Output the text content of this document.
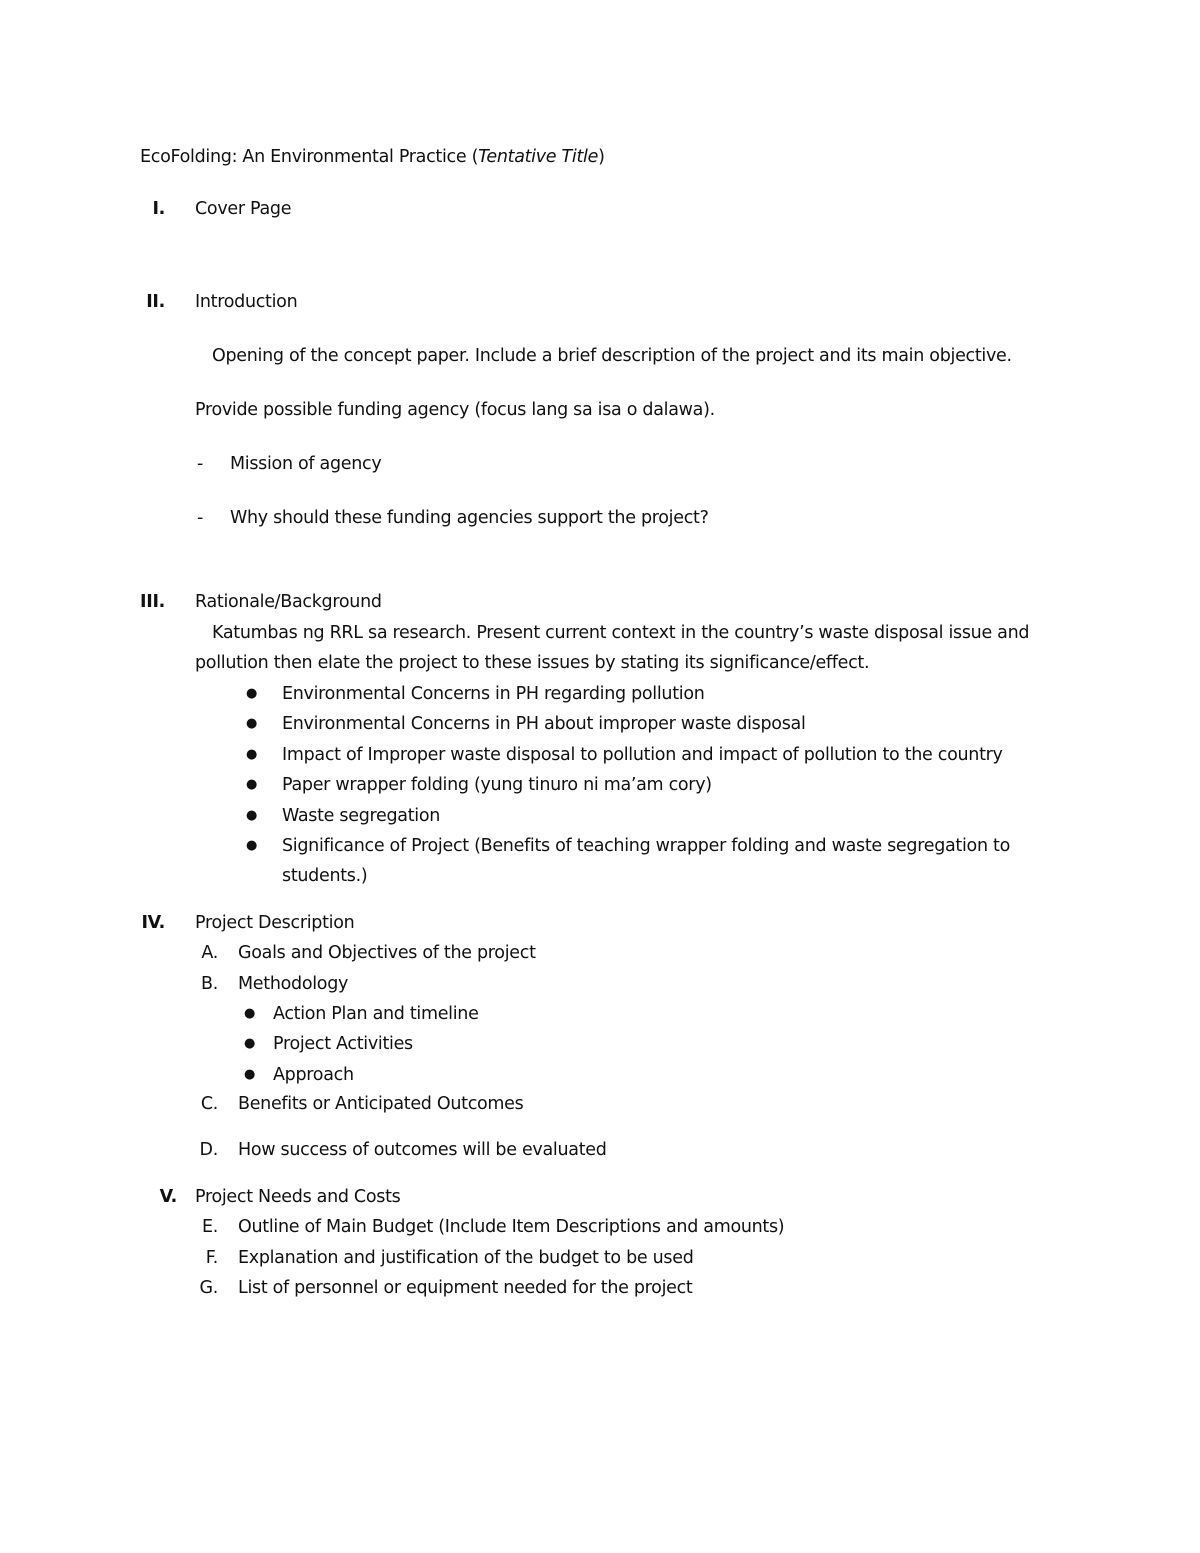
EcoFolding: An Environmental Practice (Tentative Title)
I. Cover Page
II. Introduction
Opening of the concept paper. Include a brief description of the project and its main objective.
Provide possible funding agency (focus lang sa isa o dalawa).
- Mission of agency
- Why should these funding agencies support the project?
III. Rationale/Background
Katumbas ng RRL sa research. Present current context in the country’s waste disposal issue and
pollution then elate the project to these issues by stating its significance/effect.
● Environmental Concerns in PH regarding pollution
● Environmental Concerns in PH about improper waste disposal
● Impact of Improper waste disposal to pollution and impact of pollution to the country
● Paper wrapper folding (yung tinuro ni ma’am cory)
● Waste segregation
● Significance of Project (Benefits of teaching wrapper folding and waste segregation to
students.)
IV. Project Description
A. Goals and Objectives of the project
B. Methodology
● Action Plan and timeline
● Project Activities
● Approach
C. Benefits or Anticipated Outcomes
D. How success of outcomes will be evaluated
V. Project Needs and Costs
E. Outline of Main Budget (Include Item Descriptions and amounts)
F. Explanation and justification of the budget to be used
G. List of personnel or equipment needed for the project
